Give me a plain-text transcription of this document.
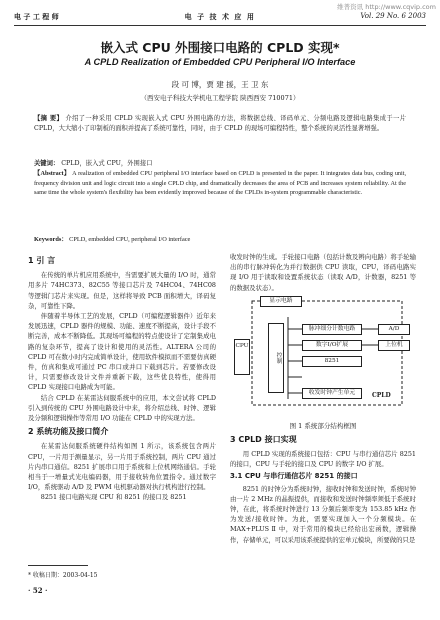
电 子 工 程 师	电 子 技 术 应 用	Vol. 29 No. 6 2003
维普资讯 http://www.cqvip.com
嵌入式 CPU 外围接口电路的 CPLD 实现*
A CPLD Realization of Embedded CPU Peripheral I/O Interface
段 可 博，贾 建 援，王 卫 东
（西安电子科技大学机电工程学院 陕西西安 710071）
【摘 要】 介绍了一种采用 CPLD 实现嵌入式 CPU 外围电路的方法，将数据总线、译码单元、分频电路及逻辑电路集成于一片 CPLD，大大缩小了印制板的面积并提高了系统可靠性，同时，由于 CPLD 的现场可编程特性，整个系统的灵活性显著增强。
关键词： CPLD，嵌入式 CPU，外围接口
【Abstract】 A realization of embedded CPU peripheral I/O interface based on CPLD is presented in the paper. It integrates data bus, coding unit, frequency division unit and logic circuit into a single CPLD chip, and dramatically decreases the area of PCB and increases system reliability. At the same time the whole system's flexibility has been evidently improved because of the CPLDs in-system programmable characteristic.
Keywords： CPLD, embedded CPU, peripheral I/O interface
1 引 言

在传统的单片机应用系统中，当需要扩展大量的 I/O 时，通常用多片 74HC373、82C55 等接口芯片及 74HC04、74HC08 等逻辑门芯片来实现。但是，这样将导致 PCB 面积增大，译码复杂，可靠性下降。

伴随着半导体工艺的发展，CPLD（可编程逻辑器件）近年来发展迅速，CPLD 器件的规模、功能、速度不断提高，设计手段不断完善，成本不断降低。其现场可编程的特点使设计了定制集成电路的复杂环节，提高了设计和使用的灵活性。ALTERA 公司的 CPLD 可在数小时内完成简单设计，使用软件模拟而不需要仿真硬件，仿真和集成可通过 PC 串口或并口下载到芯片。若要修改设计，只需要修改设计文件并重新下载，这些优良特性，使得用 CPLD 实现接口电路成为可能。

结合 CPLD 在某雷达伺服系统中的应用，本文尝试将 CPLD 引入到传统的 CPU 外围电路设计中来，将介绍总线、时钟、逻辑及分频和逻辑操作等常用 I/O 功能在 CPLD 中的实现方法。

2 系统功能及接口简介

在某雷达伺服系统硬件结构如图 1 所示，该系统包含两片 CPU，一片用于测量显示，另一片用于系统控制，两片 CPU 通过片内串口通信。8251 扩展串口用于系统和上位机网络通信。手轮相当于一增量式光电编码器，用于接收转角位置指令。通过数字 I/O，系统驱动 A/D 及 PWM 电机驱动器对执行机构进行控制。

8251 接口电路实现 CPU 和 8251 的接口及 8251

收发时钟的生成。手轮接口电路（包括计数及辨向电路）将手轮输出的串行脉冲转化为并行数据供 CPU 读取，CPU，译码电路实现 I/O 用于读取和设置系统状态（读取 A/D，计数器，8251 等的数据及状态）。

显示电路
CPU
控制
脉冲细分计数电路
数字I/O扩展
A/D
上位机
8251
收发时钟产生单元	CPLD
图 1 系统部分结构框图
3 CPLD 接口实现

用 CPLD 实现的系统接口包括：CPU 与串行通信芯片 8251 的接口，CPU 与手轮的接口及 CPU 的数字 I/O 扩展。

3.1 CPU 与串行通信芯片 8251 的接口

8251 的时钟分为系统时钟，接收时钟和发送时钟，系统时钟由一片 2 MHz 的晶振提供，而接收和发送时钟频率须低于系统时钟，在此，将系统时钟进行 13 分频后频率变为 153.85 kHz 作为发送/接收时钟。为此，需要实现加入一个分频模块。在 MAX+PLUS Ⅱ 中，对于常用的模块已经给出宏函数，逻辑操作，存储单元，可以采用该系统提供的宏单元模块，所要做的只是

* 收稿日期：2003-04-15
· 52 ·
